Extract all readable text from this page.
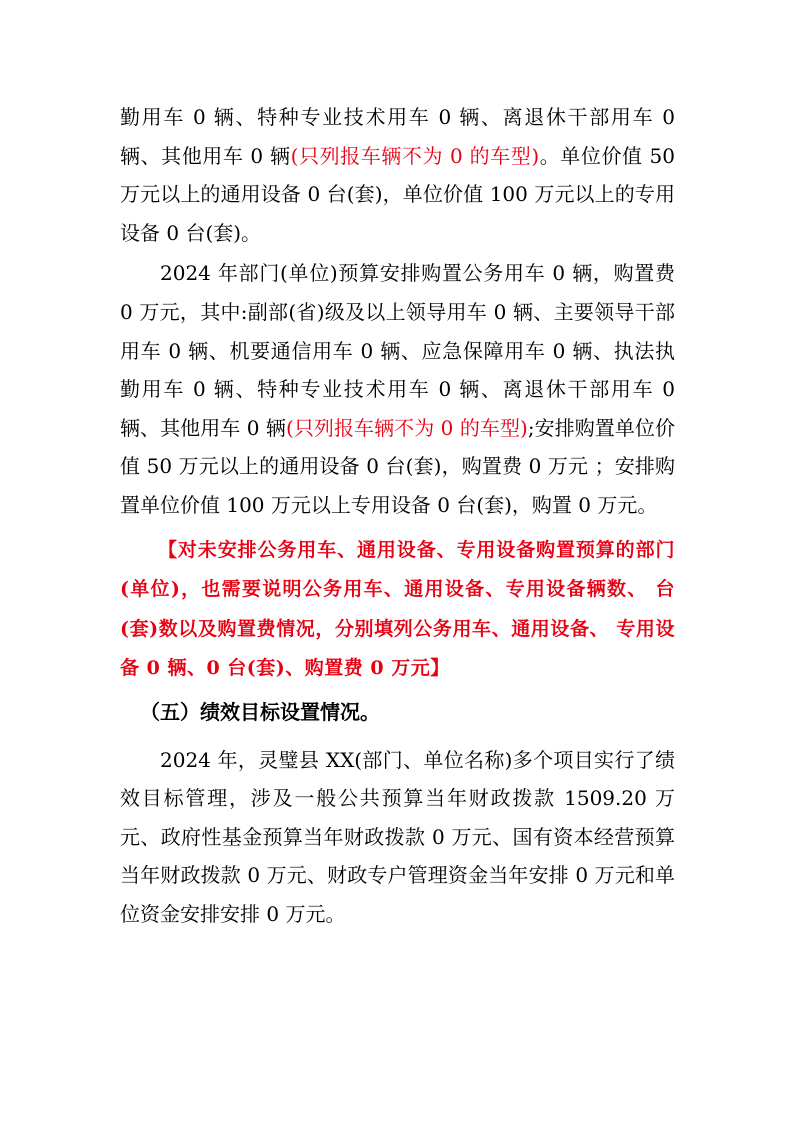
勤用车 0 辆、特种专业技术用车 0 辆、离退休干部用车 0 辆、其他用车 0 辆(只列报车辆不为 0 的车型)。单位价值 50 万元以上的通用设备 0 台(套)，单位价值 100 万元以上的专用设备 0 台(套)。

2024 年部门(单位)预算安排购置公务用车 0 辆，购置费 0 万元，其中:副部(省)级及以上领导用车 0 辆、主要领导干部用车 0 辆、机要通信用车 0 辆、应急保障用车 0 辆、执法执勤用车 0 辆、特种专业技术用车 0 辆、离退休干部用车 0 辆、其他用车 0 辆(只列报车辆不为 0 的车型);安排购置单位价值 50 万元以上的通用设备 0 台(套)，购置费 0 万元 ；安排购置单位价值 100 万元以上专用设备 0 台(套)，购置 0 万元。

【对未安排公务用车、通用设备、专用设备购置预算的部门(单位)，也需要说明公务用车、通用设备、专用设备辆数、 台(套)数以及购置费情况，分别填列公务用车、通用设备、 专用设备 0 辆、0 台(套)、购置费 0 万元】

（五）绩效目标设置情况。

2024 年，灵璧县 XX(部门、单位名称)多个项目实行了绩效目标管理，涉及一般公共预算当年财政拨款 1509.20 万元、政府性基金预算当年财政拨款 0 万元、国有资本经营预算当年财政拨款 0 万元、财政专户管理资金当年安排 0 万元和单位资金安排安排 0 万元。
